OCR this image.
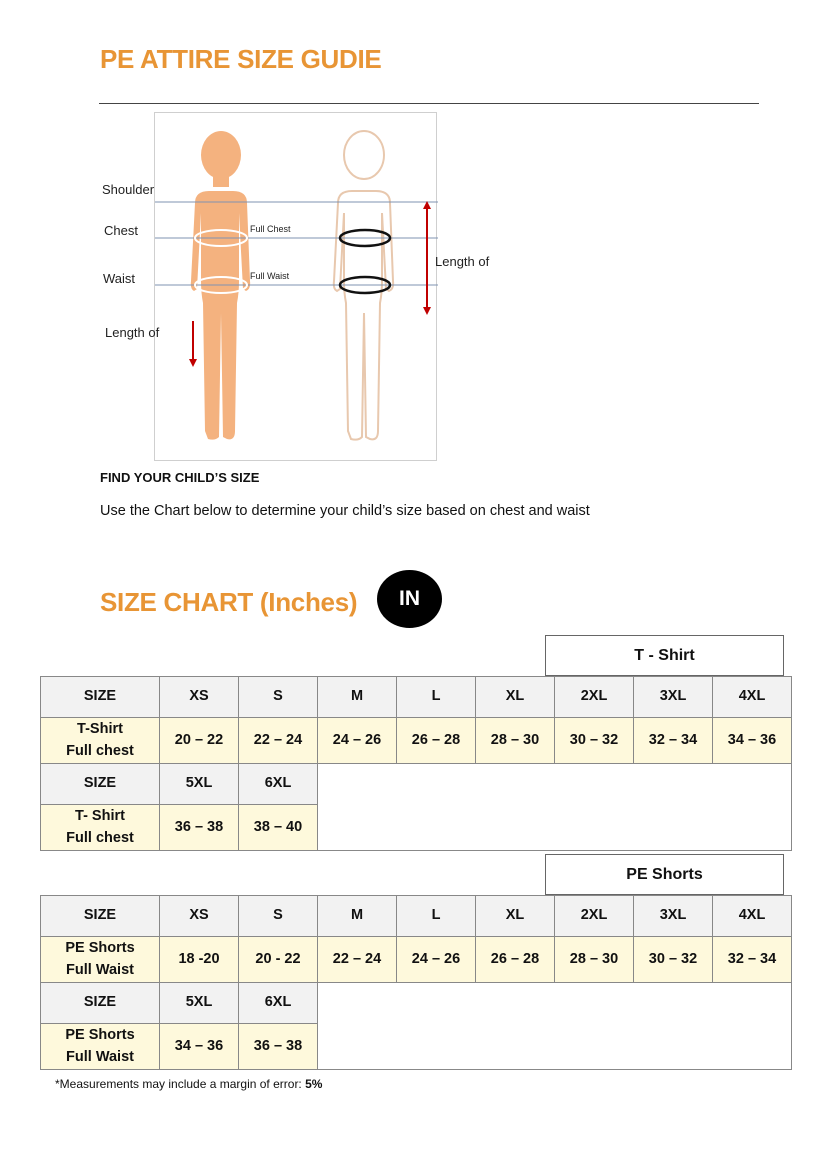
PE ATTIRE SIZE GUDIE
Shoulder
Chest
Waist
Length of
Full Chest
Full Waist
Length of
FIND YOUR CHILD’S SIZE
Use the Chart below to determine your child’s size based on chest and waist
SIZE CHART (Inches)	IN
T - Shirt
SIZE	XS	S	M	L	XL	2XL	3XL	4XL

T-Shirt
Full chest	20 – 22	22 – 24	24 – 26	26 – 28	28 – 30	30 – 32	32 – 34	34 – 36
SIZE	5XL	6XL						

T- Shirt
Full chest	36 – 38	38 – 40						
PE Shorts
SIZE	XS	S	M	L	XL	2XL	3XL	4XL

PE Shorts
Full Waist	18 -20	20 - 22	22 – 24	24 – 26	26 – 28	28 – 30	30 – 32	32 – 34
SIZE	5XL	6XL						

PE Shorts
Full Waist	34 – 36	36 – 38						
*Measurements may include a margin of error: 5%
